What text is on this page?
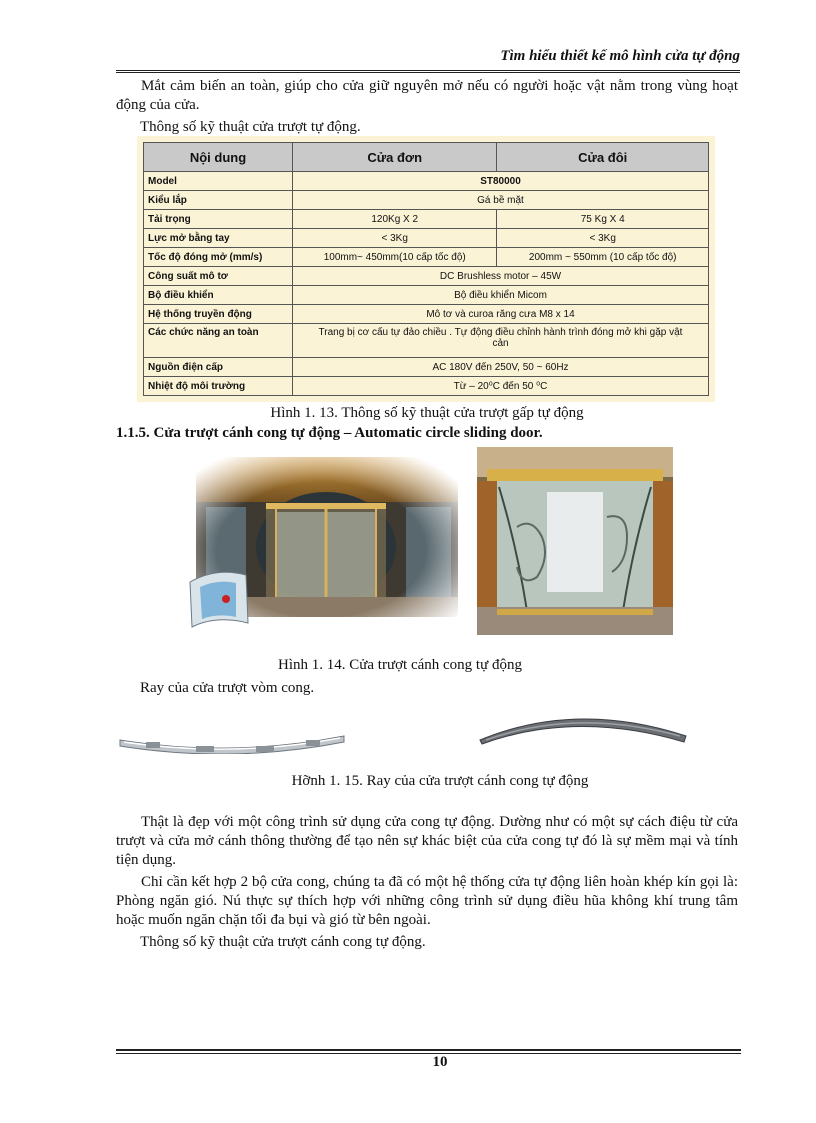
Tìm hiểu thiết kế mô hình cửa tự động
Mắt cảm biến an toàn, giúp cho cửa giữ nguyên mở nếu có người hoặc vật nằm trong vùng hoạt động của cửa.
Thông số kỹ thuật cửa trượt tự động.
Nội dung	Cửa đơn	Cửa đôi
Model	ST80000	
Kiểu lắp	Gá bề mặt	
Tải trọng	120Kg X 2	75 Kg X 4
Lực mở bằng tay	< 3Kg	< 3Kg
Tốc độ đóng mở (mm/s)	100mm~ 450mm(10 cấp tốc độ)	200mm ~ 550mm (10 cấp tốc độ)
Công suất mô tơ	DC Brushless motor – 45W	
Bộ điều khiển	Bộ điều khiển Micom	
Hệ thống truyền động	Mô tơ và curoa răng cưa M8 x 14	
Các chức năng an toàn	Trang bị cơ cấu tự đảo chiều . Tự động điều chỉnh hành trình đóng mở khi gặp vật cản	
Nguồn điện cấp	AC 180V đến 250V, 50 ~ 60Hz	
Nhiệt độ môi trường	Từ – 20⁰C đến 50 ⁰C	
Hình 1. 13. Thông số kỹ thuật cửa trượt gấp tự động
1.1.5. Cửa trượt cánh cong tự động – Automatic circle sliding door.
Hình 1. 14. Cửa trượt cánh cong tự động
Ray của cửa trượt vòm cong.
Hỡnh 1. 15. Ray của cửa trượt cánh cong tự động
Thật là đẹp với một công trình sử dụng cửa cong tự động. Dường như có một sự cách điệu từ cửa trượt và cửa mở cánh thông thường để tạo nên sự khác biệt của cửa cong tự đó là sự mềm mại và tính tiện dụng.
Chỉ cần kết hợp 2 bộ cửa cong, chúng ta đã có một hệ thống cửa tự động liên hoàn khép kín gọi là: Phòng ngăn gió. Nú thực sự thích hợp với những công trình sử dụng điều hũa không khí trung tâm hoặc muốn ngăn chặn tối đa bụi và gió từ bên ngoài.
Thông số kỹ thuật cửa trượt cánh cong tự động.
10
